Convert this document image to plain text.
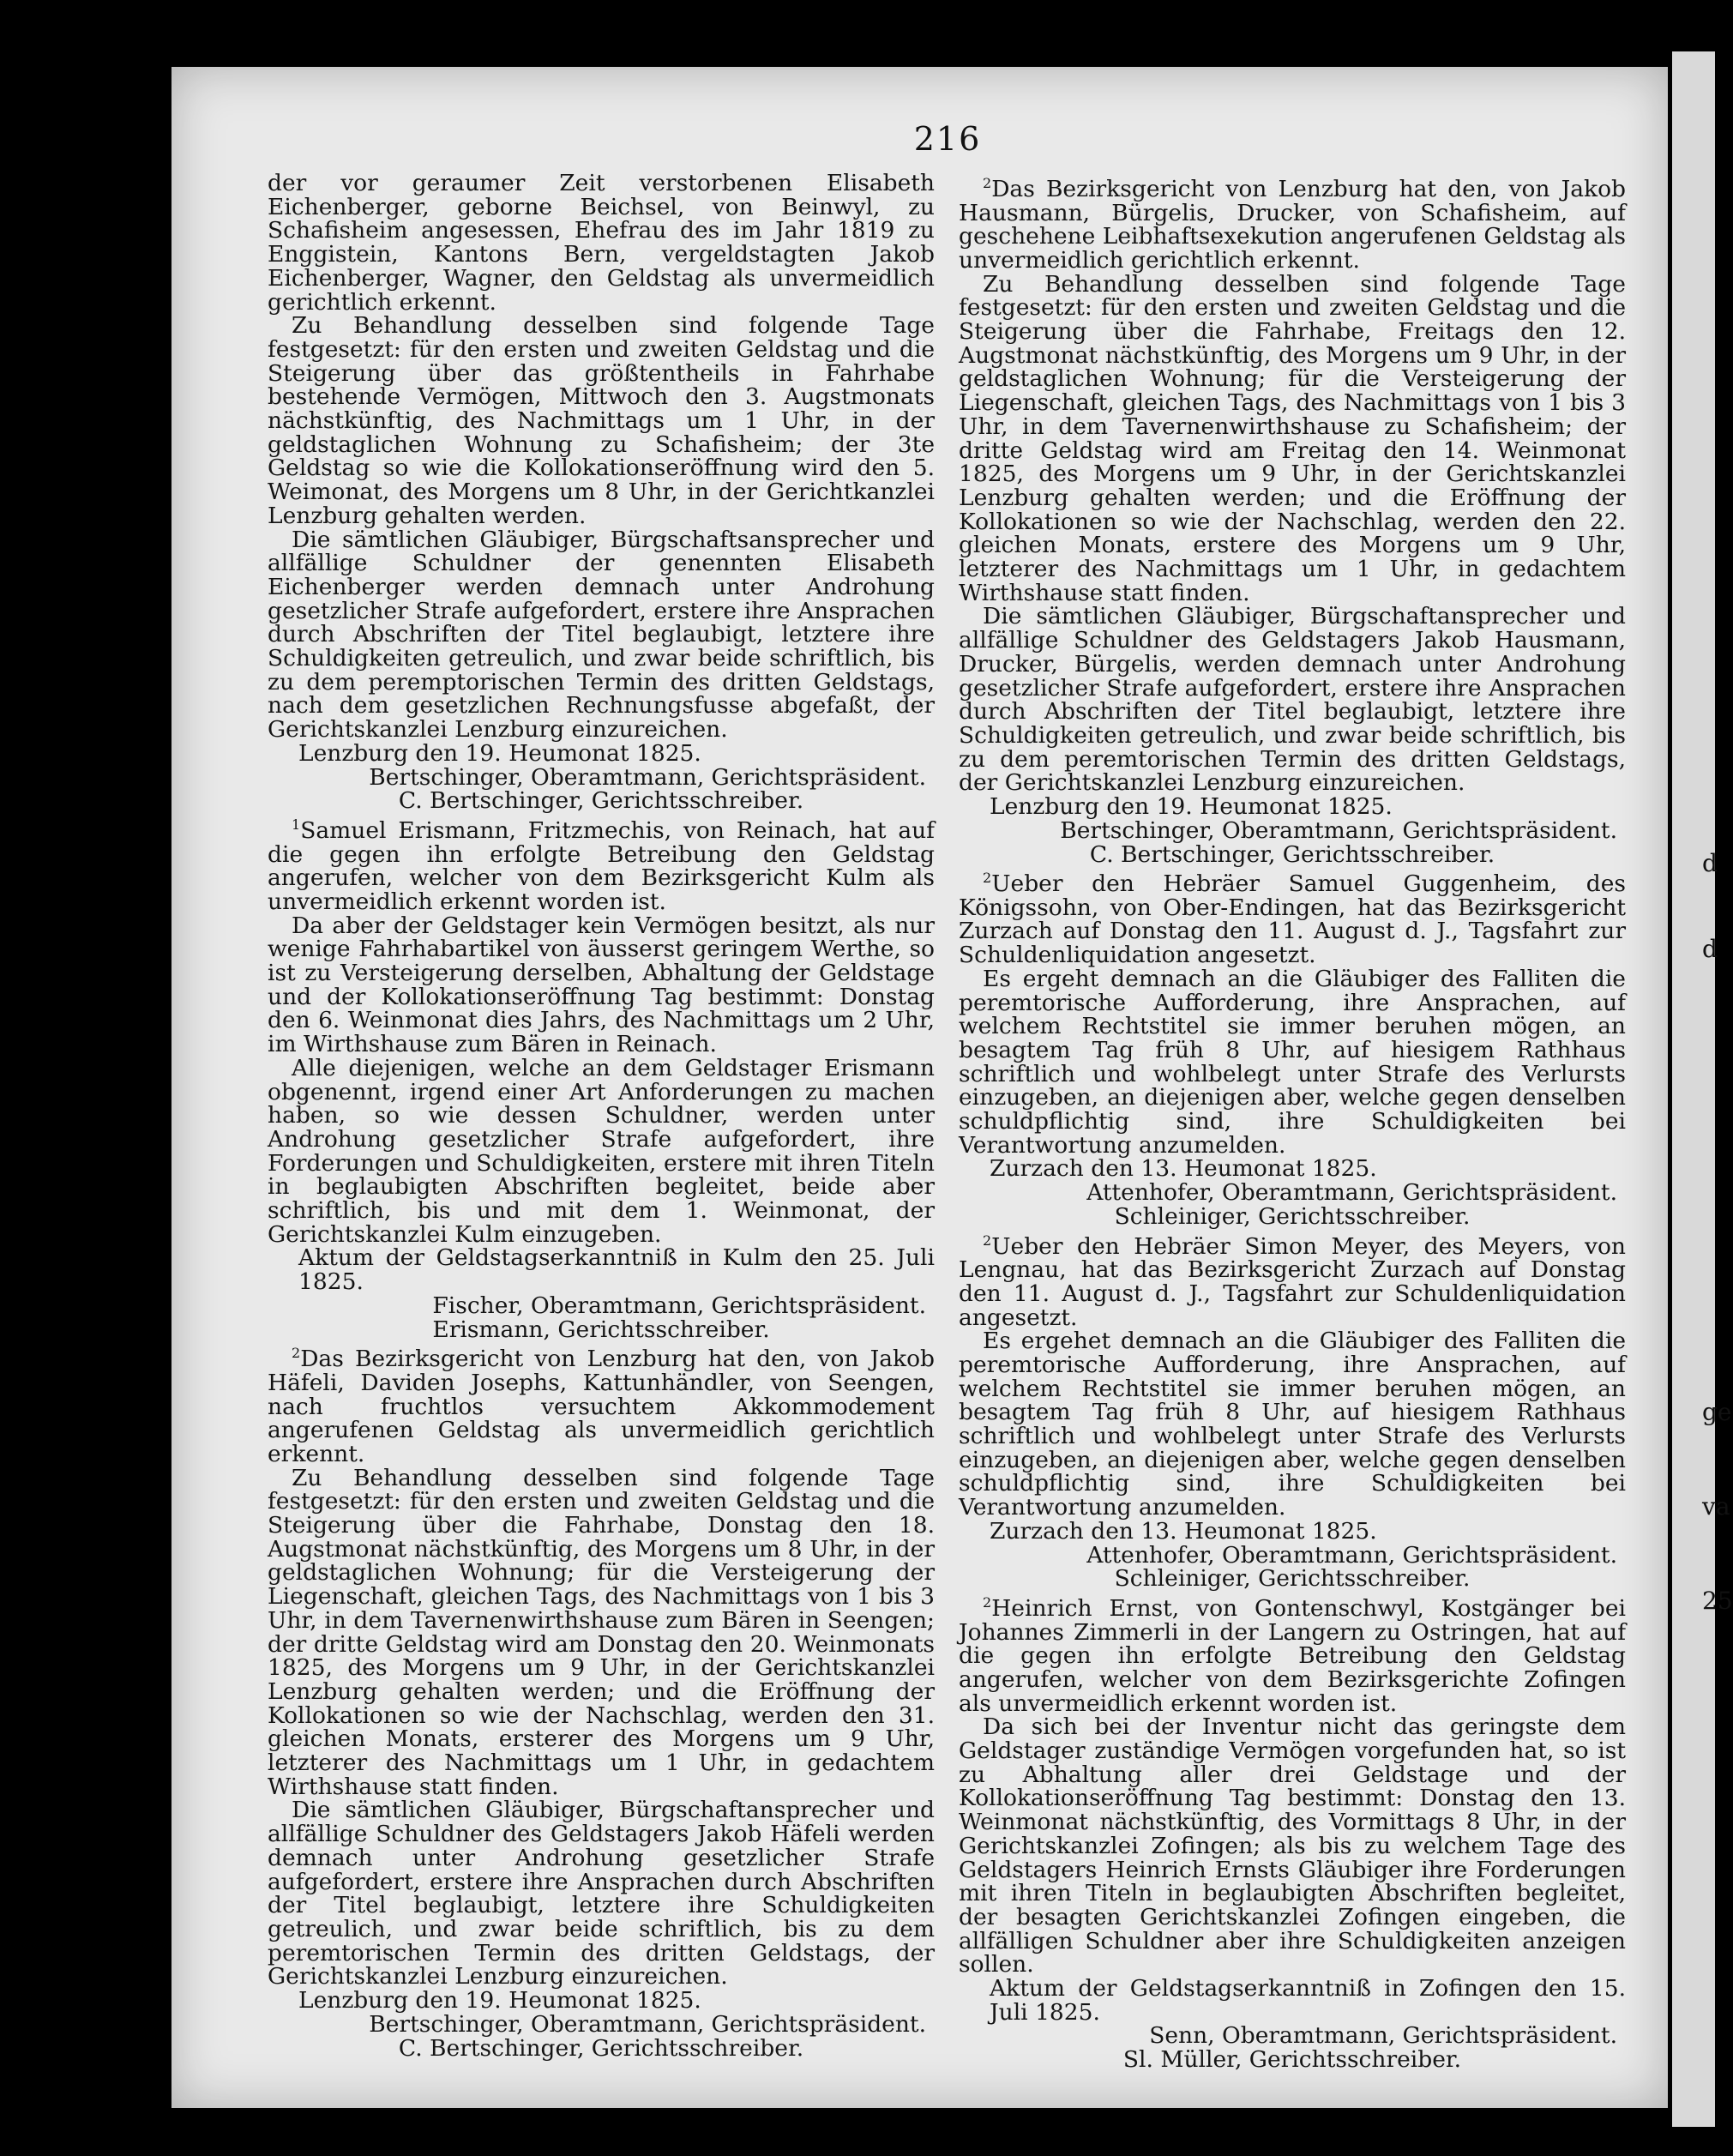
d
d
ge
va
25
216

der vor geraumer Zeit verstorbenen Elisabeth Eichenberger, geborne Beichsel, von Beinwyl, zu Schafisheim angesessen, Ehefrau des im Jahr 1819 zu Enggistein, Kantons Bern, vergeldstagten Jakob Eichenberger, Wagner, den Geldstag als unvermeidlich gerichtlich erkennt.

Zu Behandlung desselben sind folgende Tage festgesetzt: für den ersten und zweiten Geldstag und die Steigerung über das größtentheils in Fahrhabe bestehende Vermögen, Mittwoch den 3. Augstmonats nächstkünftig, des Nachmittags um 1 Uhr, in der geldstaglichen Wohnung zu Schafisheim; der 3te Geldstag so wie die Kollokationseröffnung wird den 5. Weimonat, des Morgens um 8 Uhr, in der Gerichtkanzlei Lenzburg gehalten werden.

Die sämtlichen Gläubiger, Bürgschaftsansprecher und allfällige Schuldner der genennten Elisabeth Eichenberger werden demnach unter Androhung gesetzlicher Strafe aufgefordert, erstere ihre Ansprachen durch Abschriften der Titel beglaubigt, letztere ihre Schuldigkeiten getreulich, und zwar beide schriftlich, bis zu dem peremptorischen Termin des dritten Geldstags, nach dem gesetzlichen Rechnungsfusse abgefaßt, der Gerichtskanzlei Lenzburg einzureichen.

Lenzburg den 19. Heumonat 1825.

Bertschinger, Oberamtmann, Gerichtspräsident.

C. Bertschinger, Gerichtsschreiber.

$^1$Samuel Erismann, Fritzmechis, von Reinach, hat auf die gegen ihn erfolgte Betreibung den Geldstag angerufen, welcher von dem Bezirksgericht Kulm als unvermeidlich erkennt worden ist.

Da aber der Geldstager kein Vermögen besitzt, als nur wenige Fahrhabartikel von äusserst geringem Werthe, so ist zu Versteigerung derselben, Abhaltung der Geldstage und der Kollokationseröffnung Tag bestimmt: Donstag den 6. Weinmonat dies Jahrs, des Nachmittags um 2 Uhr, im Wirthshause zum Bären in Reinach.

Alle diejenigen, welche an dem Geldstager Erismann obgenennt, irgend einer Art Anforderungen zu machen haben, so wie dessen Schuldner, werden unter Androhung gesetzlicher Strafe aufgefordert, ihre Forderungen und Schuldigkeiten, erstere mit ihren Titeln in beglaubigten Abschriften begleitet, beide aber schriftlich, bis und mit dem 1. Weinmonat, der Gerichtskanzlei Kulm einzugeben.

Aktum der Geldstagserkanntniß in Kulm den 25. Juli 1825.

Fischer, Oberamtmann, Gerichtspräsident.

Erismann, Gerichtsschreiber.

$^2$Das Bezirksgericht von Lenzburg hat den, von Jakob Häfeli, Daviden Josephs, Kattunhändler, von Seengen, nach fruchtlos versuchtem Akkommodement angerufenen Geldstag als unvermeidlich gerichtlich erkennt.

Zu Behandlung desselben sind folgende Tage festgesetzt: für den ersten und zweiten Geldstag und die Steigerung über die Fahrhabe, Donstag den 18. Augstmonat nächstkünftig, des Morgens um 8 Uhr, in der geldstaglichen Wohnung; für die Versteigerung der Liegenschaft, gleichen Tags, des Nachmittags von 1 bis 3 Uhr, in dem Tavernenwirthshause zum Bären in Seengen; der dritte Geldstag wird am Donstag den 20. Weinmonats 1825, des Morgens um 9 Uhr, in der Gerichtskanzlei Lenzburg gehalten werden; und die Eröffnung der Kollokationen so wie der Nachschlag, werden den 31. gleichen Monats, ersterer des Morgens um 9 Uhr, letzterer des Nachmittags um 1 Uhr, in gedachtem Wirthshause statt finden.

Die sämtlichen Gläubiger, Bürgschaftansprecher und allfällige Schuldner des Geldstagers Jakob Häfeli werden demnach unter Androhung gesetzlicher Strafe aufgefordert, erstere ihre Ansprachen durch Abschriften der Titel beglaubigt, letztere ihre Schuldigkeiten getreulich, und zwar beide schriftlich, bis zu dem peremtorischen Termin des dritten Geldstags, der Gerichtskanzlei Lenzburg einzureichen.

Lenzburg den 19. Heumonat 1825.

Bertschinger, Oberamtmann, Gerichtspräsident.

C. Bertschinger, Gerichtsschreiber.

$^2$Das Bezirksgericht von Lenzburg hat den, von Jakob Hausmann, Bürgelis, Drucker, von Schafisheim, auf geschehene Leibhaftsexekution angerufenen Geldstag als unvermeidlich gerichtlich erkennt.

Zu Behandlung desselben sind folgende Tage festgesetzt: für den ersten und zweiten Geldstag und die Steigerung über die Fahrhabe, Freitags den 12. Augstmonat nächstkünftig, des Morgens um 9 Uhr, in der geldstaglichen Wohnung; für die Versteigerung der Liegenschaft, gleichen Tags, des Nachmittags von 1 bis 3 Uhr, in dem Tavernenwirthshause zu Schafisheim; der dritte Geldstag wird am Freitag den 14. Weinmonat 1825, des Morgens um 9 Uhr, in der Gerichtskanzlei Lenzburg gehalten werden; und die Eröffnung der Kollokationen so wie der Nachschlag, werden den 22. gleichen Monats, erstere des Morgens um 9 Uhr, letzterer des Nachmittags um 1 Uhr, in gedachtem Wirthshause statt finden.

Die sämtlichen Gläubiger, Bürgschaftansprecher und allfällige Schuldner des Geldstagers Jakob Hausmann, Drucker, Bürgelis, werden demnach unter Androhung gesetzlicher Strafe aufgefordert, erstere ihre Ansprachen durch Abschriften der Titel beglaubigt, letztere ihre Schuldigkeiten getreulich, und zwar beide schriftlich, bis zu dem peremtorischen Termin des dritten Geldstags, der Gerichtskanzlei Lenzburg einzureichen.

Lenzburg den 19. Heumonat 1825.

Bertschinger, Oberamtmann, Gerichtspräsident.

C. Bertschinger, Gerichtsschreiber.

$^2$Ueber den Hebräer Samuel Guggenheim, des Königssohn, von Ober-Endingen, hat das Bezirksgericht Zurzach auf Donstag den 11. August d. J., Tagsfahrt zur Schuldenliquidation angesetzt.

Es ergeht demnach an die Gläubiger des Falliten die peremtorische Aufforderung, ihre Ansprachen, auf welchem Rechtstitel sie immer beruhen mögen, an besagtem Tag früh 8 Uhr, auf hiesigem Rathhaus schriftlich und wohlbelegt unter Strafe des Verlursts einzugeben, an diejenigen aber, welche gegen denselben schuldpflichtig sind, ihre Schuldigkeiten bei Verantwortung anzumelden.

Zurzach den 13. Heumonat 1825.

Attenhofer, Oberamtmann, Gerichtspräsident.

Schleiniger, Gerichtsschreiber.

$^2$Ueber den Hebräer Simon Meyer, des Meyers, von Lengnau, hat das Bezirksgericht Zurzach auf Donstag den 11. August d. J., Tagsfahrt zur Schuldenliquidation angesetzt.

Es ergehet demnach an die Gläubiger des Falliten die peremtorische Aufforderung, ihre Ansprachen, auf welchem Rechtstitel sie immer beruhen mögen, an besagtem Tag früh 8 Uhr, auf hiesigem Rathhaus schriftlich und wohlbelegt unter Strafe des Verlursts einzugeben, an diejenigen aber, welche gegen denselben schuldpflichtig sind, ihre Schuldigkeiten bei Verantwortung anzumelden.

Zurzach den 13. Heumonat 1825.

Attenhofer, Oberamtmann, Gerichtspräsident.

Schleiniger, Gerichtsschreiber.

$^2$Heinrich Ernst, von Gontenschwyl, Kostgänger bei Johannes Zimmerli in der Langern zu Ostringen, hat auf die gegen ihn erfolgte Betreibung den Geldstag angerufen, welcher von dem Bezirksgerichte Zofingen als unvermeidlich erkennt worden ist.

Da sich bei der Inventur nicht das geringste dem Geldstager zuständige Vermögen vorgefunden hat, so ist zu Abhaltung aller drei Geldstage und der Kollokationseröffnung Tag bestimmt: Donstag den 13. Weinmonat nächstkünftig, des Vormittags 8 Uhr, in der Gerichtskanzlei Zofingen; als bis zu welchem Tage des Geldstagers Heinrich Ernsts Gläubiger ihre Forderungen mit ihren Titeln in beglaubigten Abschriften begleitet, der besagten Gerichtskanzlei Zofingen eingeben, die allfälligen Schuldner aber ihre Schuldigkeiten anzeigen sollen.

Aktum der Geldstagserkanntniß in Zofingen den 15. Juli 1825.

Senn, Oberamtmann, Gerichtspräsident.

Sl. Müller, Gerichtsschreiber.
